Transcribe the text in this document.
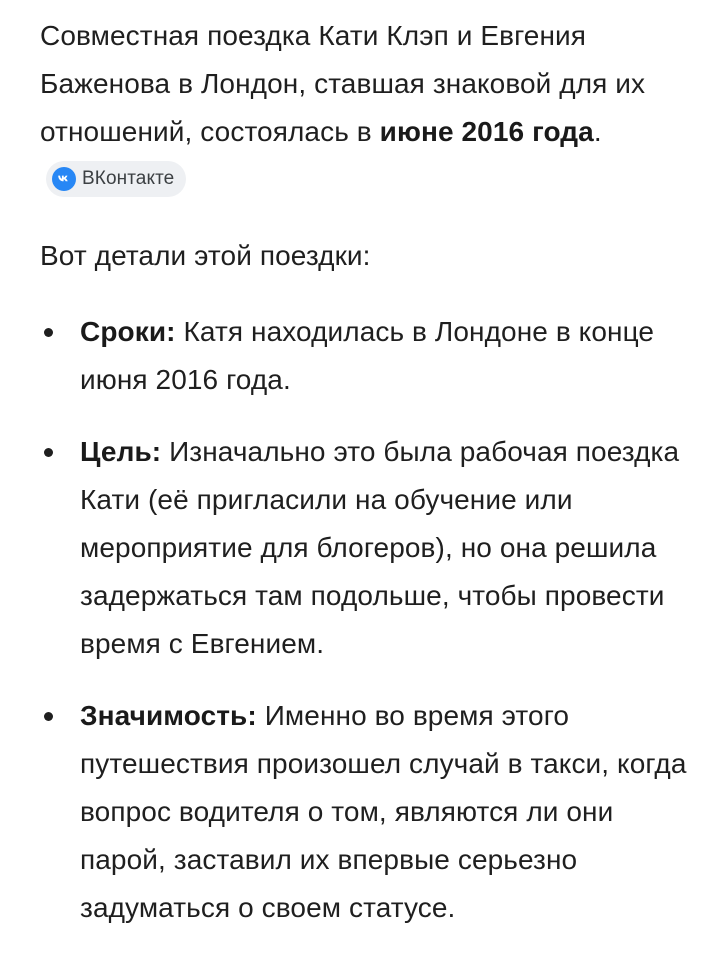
Совместная поездка Кати Клэп и Евгения Баженова в Лондон, ставшая знаковой для их отношений, состоялась в июне 2016 года.
ВКонтакте

Вот детали этой поездки:

Сроки: Катя находилась в Лондоне в конце июня 2016 года.
Цель: Изначально это была рабочая поездка Кати (её пригласили на обучение или мероприятие для блогеров), но она решила задержаться там подольше, чтобы провести время с Евгением.
Значимость: Именно во время этого путешествия произошел случай в такси, когда вопрос водителя о том, являются ли они парой, заставил их впервые серьезно задуматься о своем статусе.
